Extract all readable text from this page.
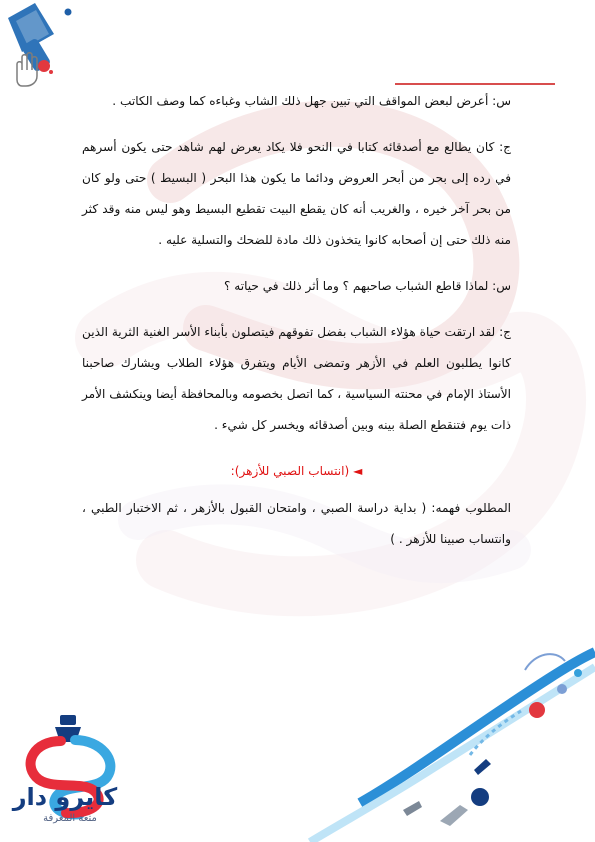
س: أعرض لبعض المواقف التي تبين جهل ذلك الشاب وغباءه كما وصف الكاتب .

ج: كان يطالع مع أصدقائه كتابا في النحو فلا يكاد يعرض لهم شاهد حتى يكون أسرهم في رده إلى بحر من أبحر العروض ودائما ما يكون هذا البحر ( البسيط ) حتى ولو كان من بحر آخر خيره ، والغريب أنه كان يقطع البيت تقطيع البسيط وهو ليس منه وقد كثر منه ذلك حتى إن أصحابه كانوا يتخذون ذلك مادة للضحك والتسلية عليه .

س: لماذا قاطع الشباب صاحبهم ؟ وما أثر ذلك في حياته ؟

ج: لقد ارتقت حياة هؤلاء الشباب بفضل تفوقهم فيتصلون بأبناء الأسر الغنية الثرية الذين كانوا يطلبون العلم في الأزهر وتمضى الأيام ويتفرق هؤلاء الطلاب ويشارك صاحبنا الأستاذ الإمام في محنته السياسية ، كما اتصل بخصومه وبالمحافظة أيضا وينكشف الأمر ذات يوم فتنقطع الصلة بينه وبين أصدقائه ويخسر كل شيء .

◄ (انتساب الصبي للأزهر):

المطلوب فهمه: ( بداية دراسة الصبي ، وامتحان القبول بالأزهر ، ثم الاختبار الطبي ، وانتساب صبينا للأزهر . )

كايرو دار
متعة المعرفة
